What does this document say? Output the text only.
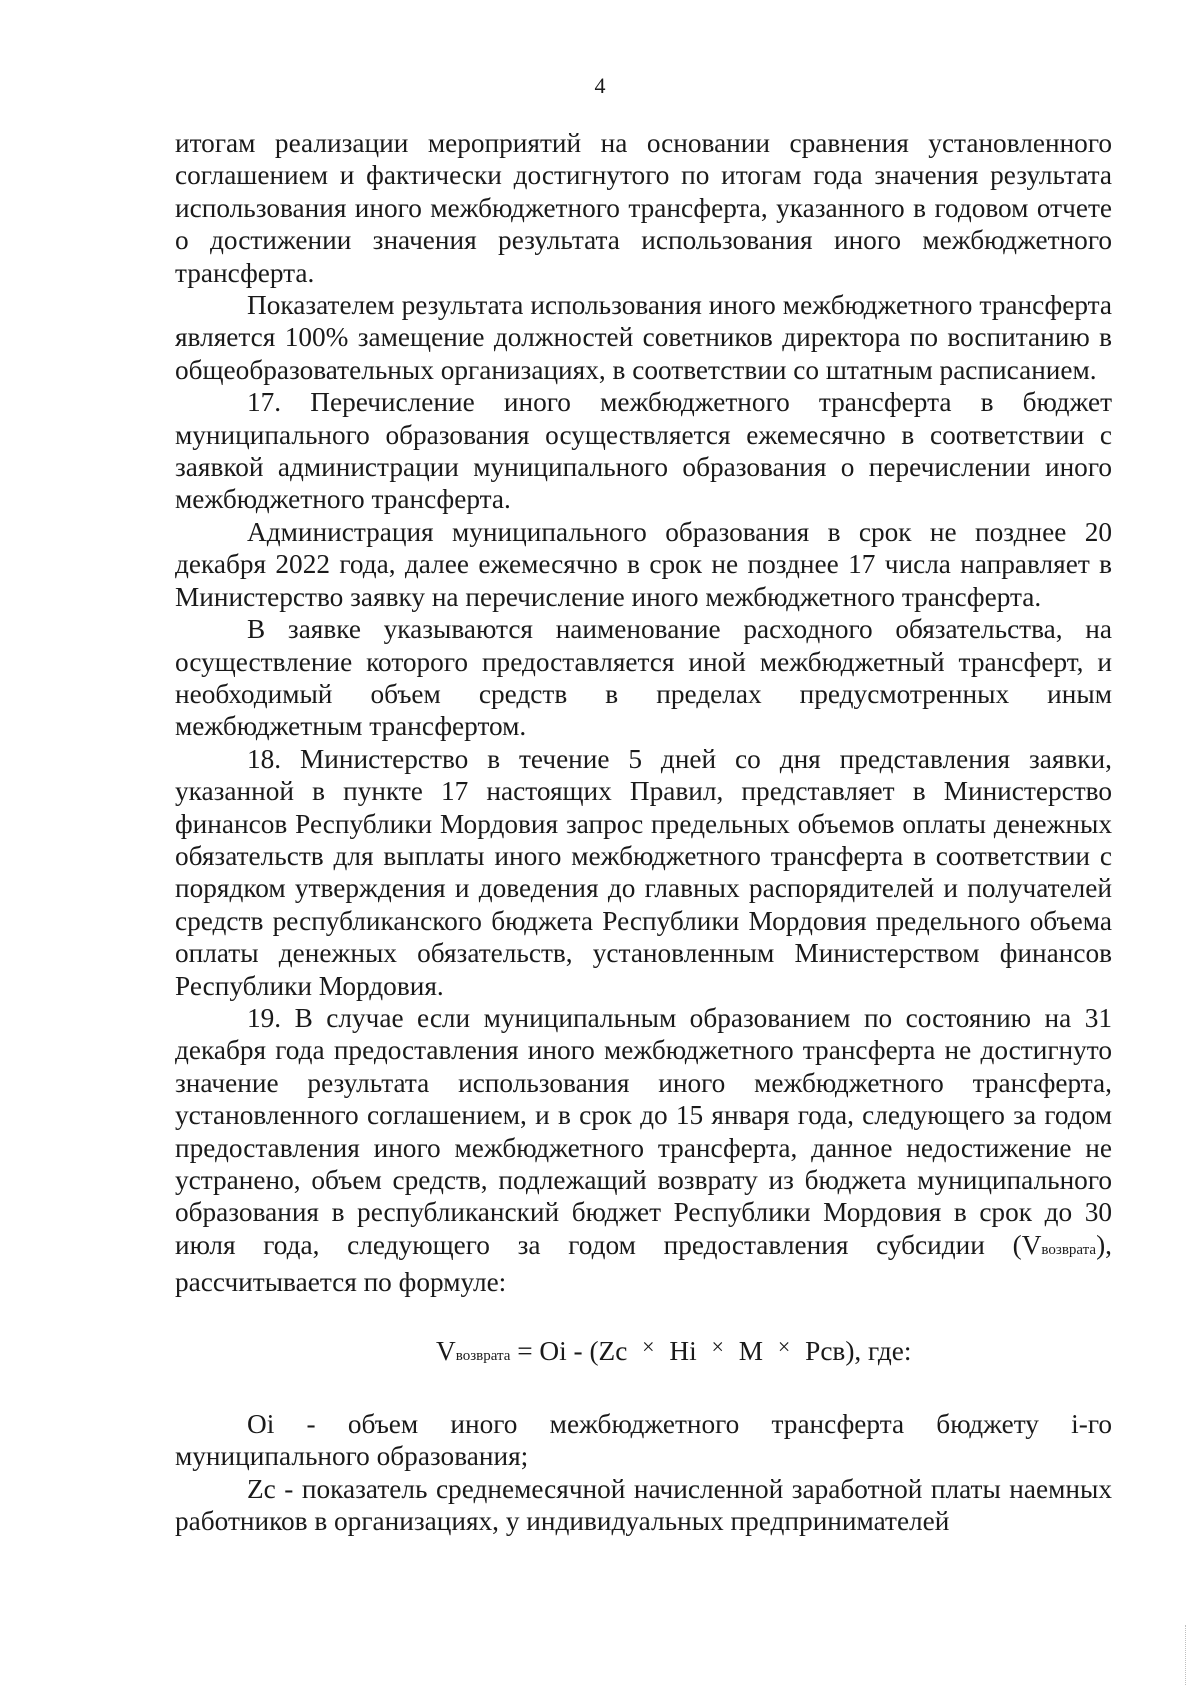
4

итогам реализации мероприятий на основании сравнения установленного соглашением и фактически достигнутого по итогам года значения результата использования иного межбюджетного трансферта, указанного в годовом отчете о достижении значения результата использования иного межбюджетного трансферта.

Показателем результата использования иного межбюджетного трансферта является 100% замещение должностей советников директора по воспитанию в общеобразовательных организациях, в соответствии со штатным расписанием.

17. Перечисление иного межбюджетного трансферта в бюджет муниципального образования осуществляется ежемесячно в соответствии с заявкой администрации муниципального образования о перечислении иного межбюджетного трансферта.

Администрация муниципального образования в срок не позднее 20 декабря 2022 года, далее ежемесячно в срок не позднее 17 числа направляет в Министерство заявку на перечисление иного межбюджетного трансферта.

В заявке указываются наименование расходного обязательства, на осуществление которого предоставляется иной межбюджетный трансферт, и необходимый объем средств в пределах предусмотренных иным межбюджетным трансфертом.

18. Министерство в течение 5 дней со дня представления заявки, указанной в пункте 17 настоящих Правил, представляет в Министерство финансов Республики Мордовия запрос предельных объемов оплаты денежных обязательств для выплаты иного межбюджетного трансферта в соответствии с порядком утверждения и доведения до главных распорядителей и получателей средств республиканского бюджета Республики Мордовия предельного объема оплаты денежных обязательств, установленным Министерством финансов Республики Мордовия.

19. В случае если муниципальным образованием по состоянию на 31 декабря года предоставления иного межбюджетного трансферта не достигнуто значение результата использования иного межбюджетного трансферта, установленного соглашением, и в срок до 15 января года, следующего за годом предоставления иного межбюджетного трансферта, данное недостижение не устранено, объем средств, подлежащий возврату из бюджета муниципального образования в республиканский бюджет Республики Мордовия в срок до 30 июля года, следующего за годом предоставления субсидии (Vвозврата), рассчитывается по формуле:

Vвозврата = Oi - (Zc × Hi × M × Pсв), где:

Oi - объем иного межбюджетного трансферта бюджету i-го муниципального образования;

Zc - показатель среднемесячной начисленной заработной платы наемных работников в организациях, у индивидуальных предпринимателей
